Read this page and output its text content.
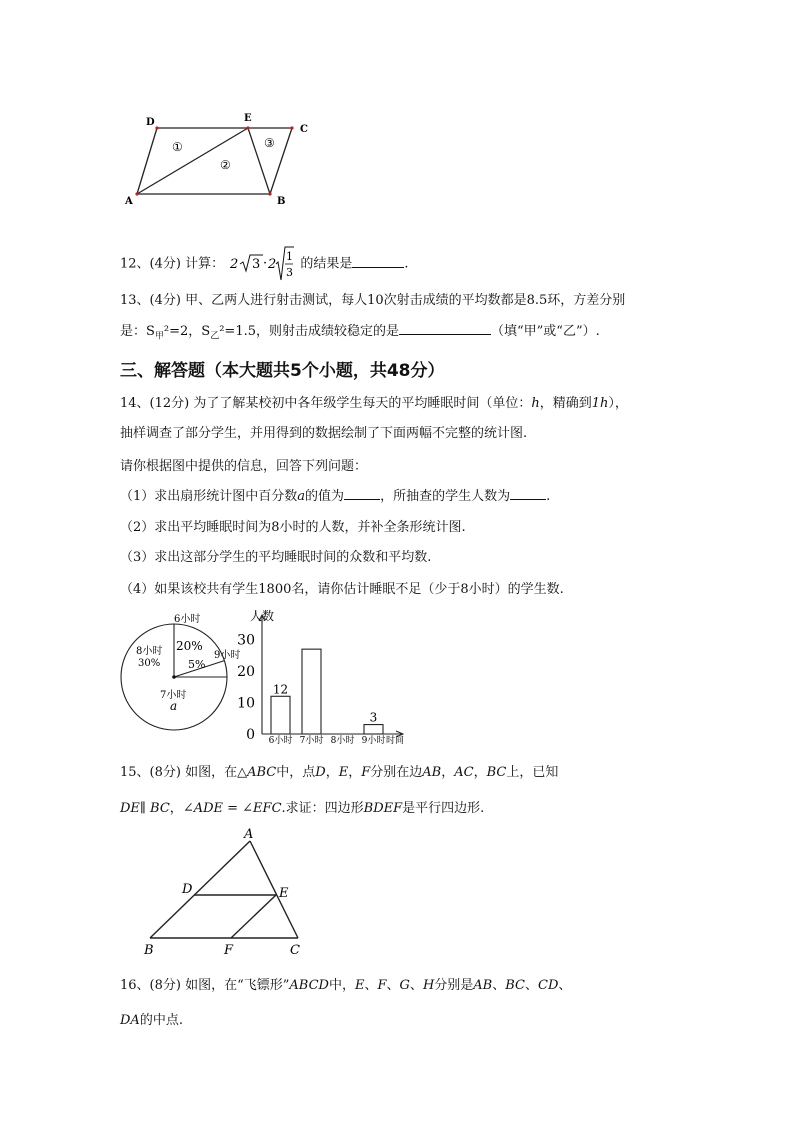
D	E
C
A	B
①
②
③
12、(4分) 计算： 2 3 · 2
1
3
的结果是	.
13、(4分) 甲、乙两人进行射击测试，每人10次射击成绩的平均数都是8.5环，方差分别
是：$S_甲^2=2$，$S_乙^2=1.5$，则射击成绩较稳定的是	（填“甲”或“乙”）.
三、解答题（本大题共5个小题，共48分）
14、(12分) 为了了解某校初中各年级学生每天的平均睡眠时间（单位：h，精确到1h），
抽样调查了部分学生，并用得到的数据绘制了下面两幅不完整的统计图.
请你根据图中提供的信息，回答下列问题：
（1）求出扇形统计图中百分数a的值为	，所抽查的学生人数为	.
（2）求出平均睡眠时间为8小时的人数，并补全条形统计图.
（3）求出这部分学生的平均睡眠时间的众数和平均数.
（4）如果该校共有学生1800名，请你估计睡眠不足（少于8小时）的学生数.
6小时
20%
9小时
5%
8小时
30%
7小时
a
人数
时间
0
10
20
30
12
6小时 7小时 8小时
3
9小时
15、(8分) 如图，在△ABC中，点D，E，F分别在边AB，AC，BC上，已知
DE∥ BC，∠ADE = ∠EFC.求证：四边形BDEF是平行四边形.
A
D	E
B	F	C
16、(8分) 如图，在“飞镖形”ABCD中，E、F、G、H分别是AB、BC、CD、
DA的中点.
